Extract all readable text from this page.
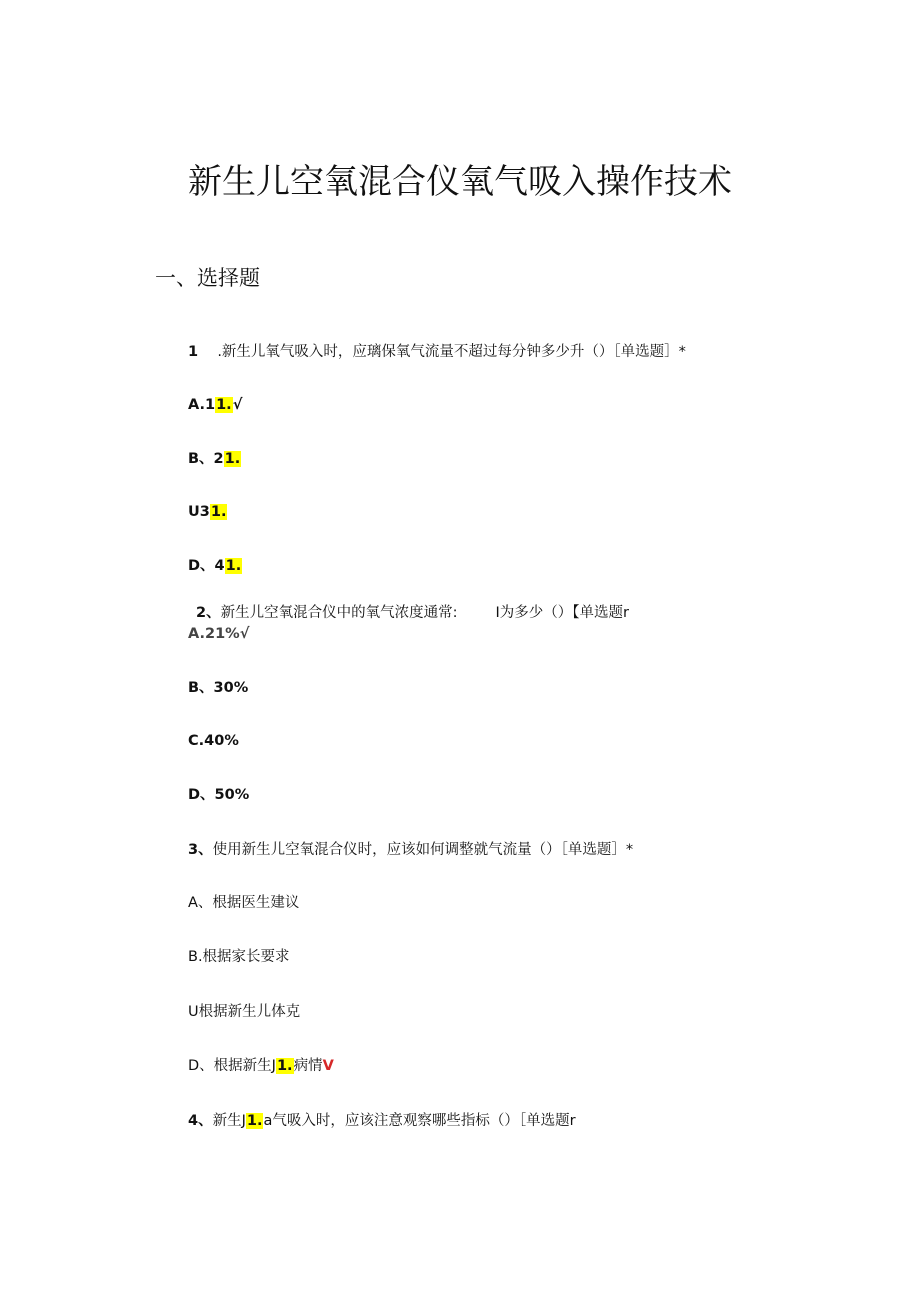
新生儿空氧混合仪氧气吸入操作技术
一、选择题
1 .新生儿氧气吸入时，应璃保氧气流量不超过每分钟多少升（）［单选题］*
A.11.√
B、21.
U31.
D、41.
2、新生儿空氧混合仪中的氧气浓度通常:	I为多少（）【单选题r
A.21%√
B、30%
C.40%
D、50%
3、使用新生儿空氧混合仪时，应该如何调整就气流量（）［单选题］*
A、根据医生建议
B.根据家长要求
U根据新生儿体克
D、根据新生J1.病情V
4、新生J1.a气吸入时，应该注意观察哪些指标（）［单选题r
